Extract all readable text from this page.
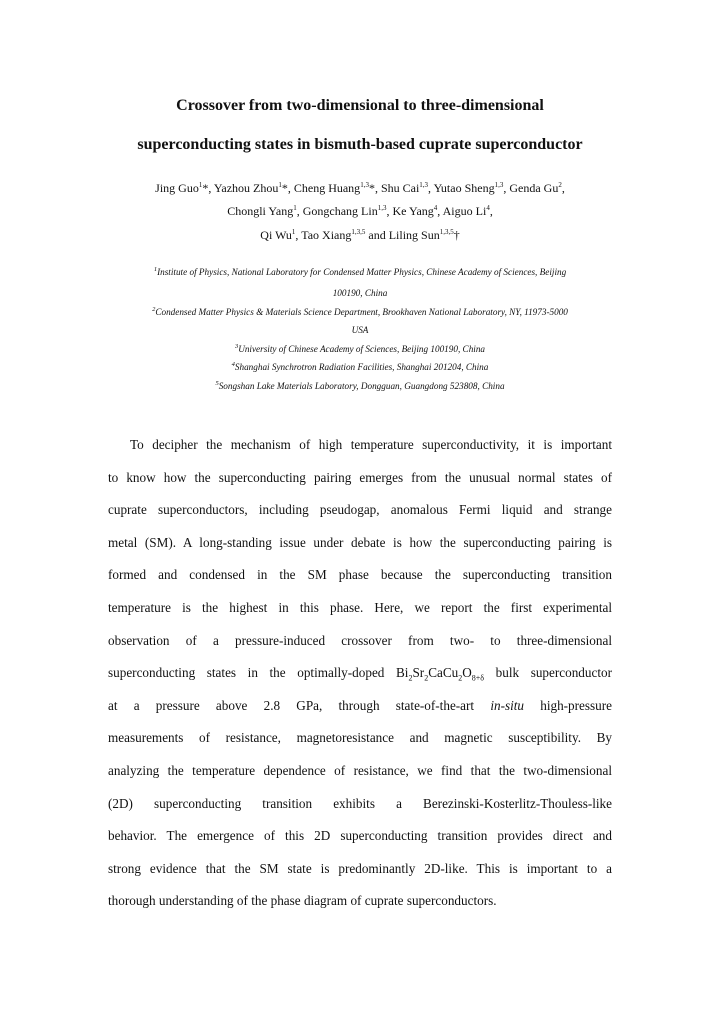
Crossover from two-dimensional to three-dimensional
superconducting states in bismuth-based cuprate superconductor
Jing Guo$^1$*, Yazhou Zhou$^1$*, Cheng Huang$^{1,3}$*, Shu Cai$^{1,3}$, Yutao Sheng$^{1,3}$, Genda Gu$^2$,
Chongli Yang$^1$, Gongchang Lin$^{1,3}$, Ke Yang$^4$, Aiguo Li$^4$,
Qi Wu$^1$, Tao Xiang$^{1,3,5}$ and Liling Sun$^{1,3,5}$†
$^1$Institute of Physics, National Laboratory for Condensed Matter Physics, Chinese Academy of Sciences, Beijing
100190, China
$^2$Condensed Matter Physics & Materials Science Department, Brookhaven National Laboratory, NY, 11973-5000
USA
$^3$University of Chinese Academy of Sciences, Beijing 100190, China
$^4$Shanghai Synchrotron Radiation Facilities, Shanghai 201204, China
$^5$Songshan Lake Materials Laboratory, Dongguan, Guangdong 523808, China
To decipher the mechanism of high temperature superconductivity, it is important
to know how the superconducting pairing emerges from the unusual normal states of
cuprate superconductors, including pseudogap, anomalous Fermi liquid and strange
metal (SM). A long-standing issue under debate is how the superconducting pairing is
formed and condensed in the SM phase because the superconducting transition
temperature is the highest in this phase. Here, we report the first experimental
observation of a pressure-induced crossover from two- to three-dimensional
superconducting states in the optimally-doped $Bi_2Sr_2CaCu_2O_{8+\delta}$ bulk superconductor
at a pressure above 2.8 GPa, through state-of-the-art in-situ high-pressure
measurements of resistance, magnetoresistance and magnetic susceptibility. By
analyzing the temperature dependence of resistance, we find that the two-dimensional
(2D) superconducting transition exhibits a Berezinski-Kosterlitz-Thouless-like
behavior. The emergence of this 2D superconducting transition provides direct and
strong evidence that the SM state is predominantly 2D-like. This is important to a
thorough understanding of the phase diagram of cuprate superconductors.
